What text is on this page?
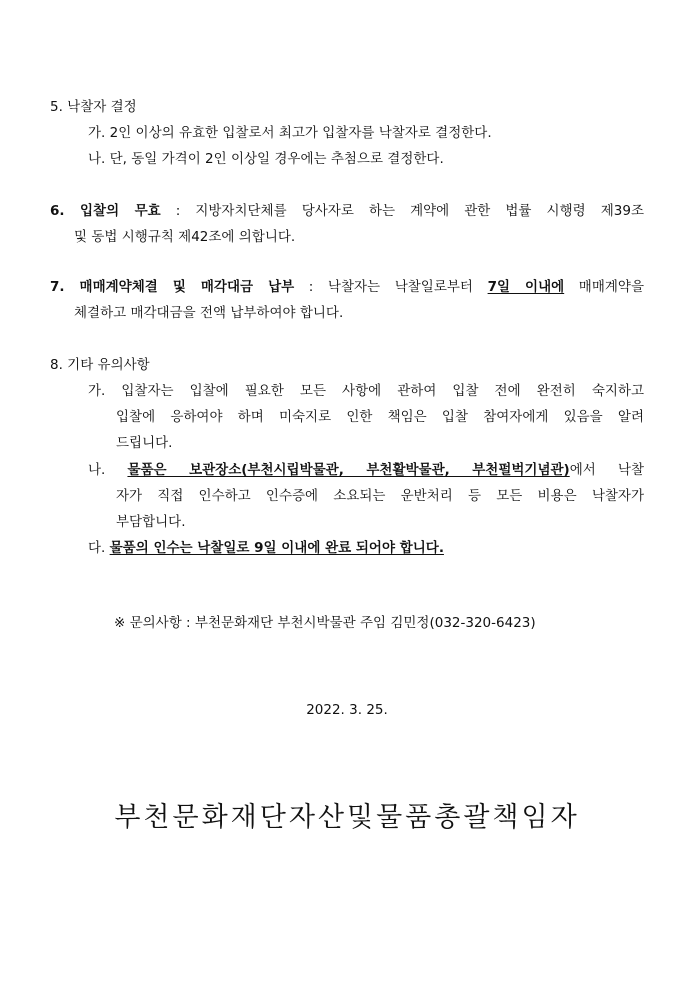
5. 낙찰자 결정
가. 2인 이상의 유효한 입찰로서 최고가 입찰자를 낙찰자로 결정한다.
나. 단, 동일 가격이 2인 이상일 경우에는 추첨으로 결정한다.
6. 입찰의 무효 : 지방자치단체를 당사자로 하는 계약에 관한 법률 시행령 제39조
및 동법 시행규칙 제42조에 의합니다.
7. 매매계약체결 및 매각대금 납부 : 낙찰자는 낙찰일로부터 7일 이내에 매매계약을
체결하고 매각대금을 전액 납부하여야 합니다.
8. 기타 유의사항
가. 입찰자는 입찰에 필요한 모든 사항에 관하여 입찰 전에 완전히 숙지하고
입찰에 응하여야 하며 미숙지로 인한 책임은 입찰 참여자에게 있음을 알려
드립니다.
나. 물품은 보관장소(부천시립박물관, 부천활박물관, 부천펄벅기념관)에서 낙찰
자가 직접 인수하고 인수증에 소요되는 운반처리 등 모든 비용은 낙찰자가
부담합니다.
다. 물품의 인수는 낙찰일로 9일 이내에 완료 되어야 합니다.
※ 문의사항 : 부천문화재단 부천시박물관 주임 김민정(032-320-6423)
2022. 3. 25.
부천문화재단자산및물품총괄책임자
